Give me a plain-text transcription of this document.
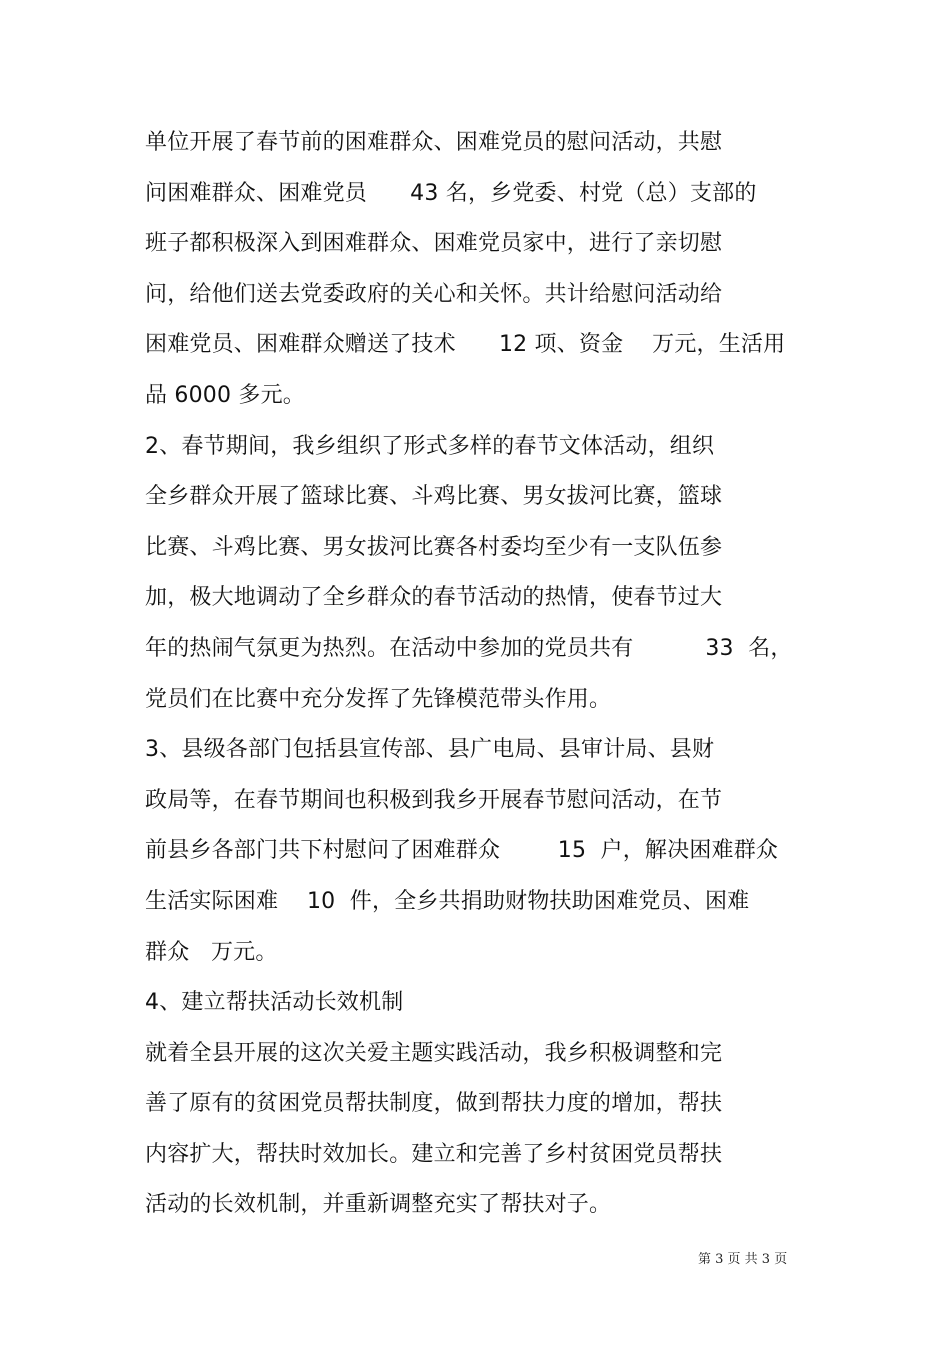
单位开展了春节前的困难群众、困难党员的慰问活动，共慰
问困难群众、困难党员      43 名，乡党委、村党（总）支部的
班子都积极深入到困难群众、困难党员家中，进行了亲切慰
问，给他们送去党委政府的关心和关怀。共计给慰问活动给
困难党员、困难群众赠送了技术      12 项、资金    万元，生活用
品 6000 多元。
2、春节期间，我乡组织了形式多样的春节文体活动，组织
全乡群众开展了篮球比赛、斗鸡比赛、男女拔河比赛，篮球
比赛、斗鸡比赛、男女拔河比赛各村委均至少有一支队伍参
加，极大地调动了全乡群众的春节活动的热情，使春节过大
年的热闹气氛更为热烈。在活动中参加的党员共有          33  名，
党员们在比赛中充分发挥了先锋模范带头作用。
3、县级各部门包括县宣传部、县广电局、县审计局、县财
政局等，在春节期间也积极到我乡开展春节慰问活动，在节
前县乡各部门共下村慰问了困难群众        15  户，解决困难群众
生活实际困难    10  件，全乡共捐助财物扶助困难党员、困难
群众   万元。
4、建立帮扶活动长效机制
就着全县开展的这次关爱主题实践活动，我乡积极调整和完
善了原有的贫困党员帮扶制度，做到帮扶力度的增加，帮扶
内容扩大，帮扶时效加长。建立和完善了乡村贫困党员帮扶
活动的长效机制，并重新调整充实了帮扶对子。
第 3 页 共 3 页
